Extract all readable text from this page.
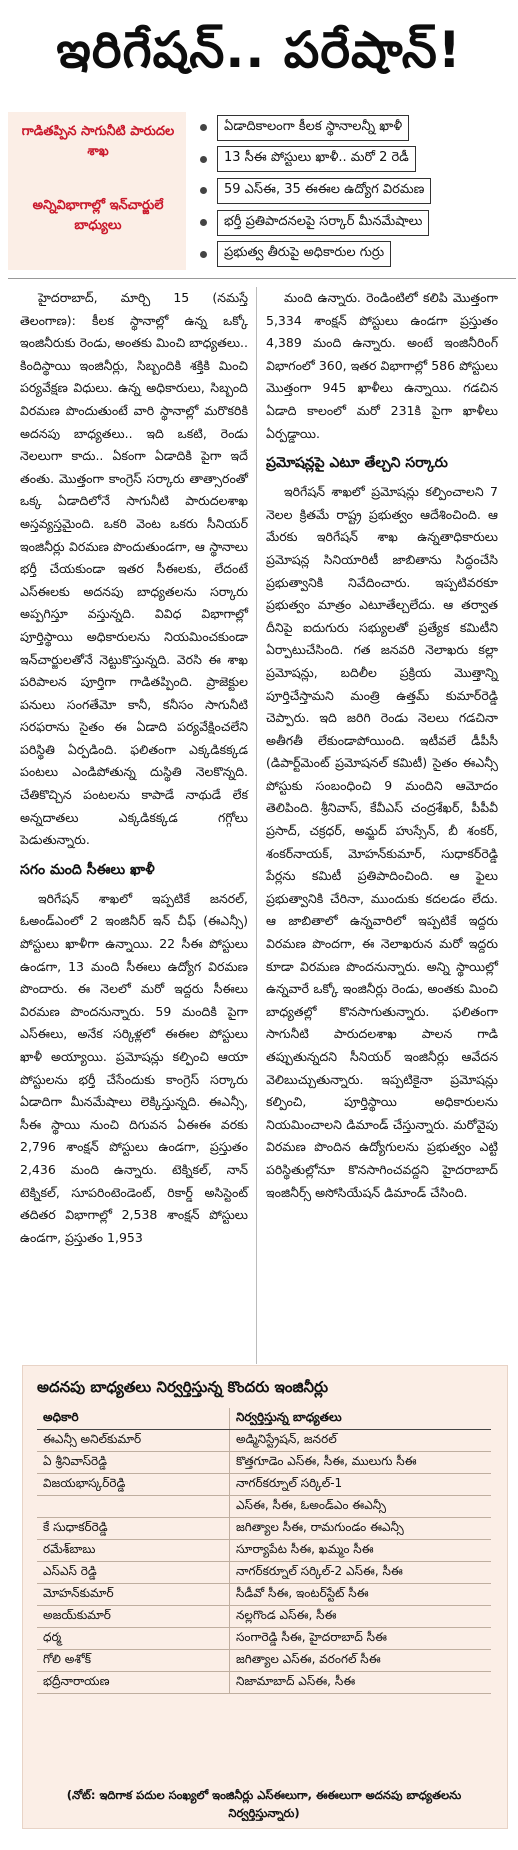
ఇరిగేషన్.. పరేషాన్!
గాడితప్పిన సాగునీటి పారుదల శాఖ
అన్నివిభాగాల్లో ఇన్‌చార్జులే బాధ్యులు
ఏడాదికాలంగా కీలక స్థానాలన్నీ ఖాళీ
13 సీఈ పోస్టులు ఖాళీ.. మరో 2 రెడీ
59 ఎస్‌ఈ, 35 ఈఈల ఉద్యోగ విరమణ
భర్తీ ప్రతిపాదనలపై సర్కార్ మీనమేషాలు
ప్రభుత్వ తీరుపై అధికారుల గుర్రు

హైదరాబాద్, మార్చి 15 (నమస్తే తెలంగాణ): కీలక స్థానాల్లో ఉన్న ఒక్కో ఇంజినీరుకు రెండు, అంతకు మించి బాధ్యతలు.. కిందిస్థాయి ఇంజినీర్లు, సిబ్బందికి శక్తికి మించి పర్యవేక్షణ విధులు. ఉన్న అధికారులు, సిబ్బంది విరమణ పొందుతుంటే వారి స్థానాల్లో మరొకరికి అదనపు బాధ్యతలు.. ఇది ఒకటి, రెండు నెలలుగా కాదు.. ఏకంగా ఏడాదికి పైగా ఇదే తంతు. మొత్తంగా కాంగ్రెస్ సర్కారు తాత్సారంతో ఒక్క ఏడాదిలోనే సాగునీటి పారుదలశాఖ అస్తవ్యస్తమైంది. ఒకరి వెంట ఒకరు సీనియర్ ఇంజినీర్లు విరమణ పొందుతుండగా, ఆ స్థానాలు భర్తీ చేయకుండా ఇతర సీఈలకు, లేదంటే ఎస్‌ఈలకు అదనపు బాధ్యతలను సర్కారు అప్పగిస్తూ వస్తున్నది. వివిధ విభాగాల్లో పూర్తిస్థాయి అధికారులను నియమించకుండా ఇన్‌చార్జులతోనే నెట్టుకొస్తున్నది. వెరసి ఈ శాఖ పరిపాలన పూర్తిగా గాడితప్పింది. ప్రాజెక్టుల పనులు సంగతేమో కానీ, కనీసం సాగునీటి సరఫరాను సైతం ఈ ఏడాది పర్యవేక్షించలేని పరిస్థితి ఏర్పడింది. ఫలితంగా ఎక్కడికక్కడ పంటలు ఎండిపోతున్న దుస్థితి నెలకొన్నది. చేతికొచ్చిన పంటలను కాపాడే నాథుడే లేక అన్నదాతలు ఎక్కడికక్కడ గగ్గోలు పెడుతున్నారు.

సగం మంది సీఈలు ఖాళీ

ఇరిగేషన్ శాఖలో ఇప్పటికే జనరల్, ఓఅండ్ఎంలో 2 ఇంజినీర్ ఇన్ చీఫ్ (ఈఎన్సీ) పోస్టులు ఖాళీగా ఉన్నాయి. 22 సీఈ పోస్టులు ఉండగా, 13 మంది సీఈలు ఉద్యోగ విరమణ పొందారు. ఈ నెలలో మరో ఇద్దరు సీఈలు విరమణ పొందనున్నారు. 59 మందికి పైగా ఎస్‌ఈలు, అనేక సర్కిళ్లలో ఈఈల పోస్టులు ఖాళీ అయ్యాయి. ప్రమోషన్లు కల్పించి ఆయా పోస్టులను భర్తీ చేసేందుకు కాంగ్రెస్ సర్కారు ఏడాదిగా మీనమేషాలు లెక్కిస్తున్నది. ఈఎన్సీ, సీఈ స్థాయి నుంచి దిగువన ఏఈఈ వరకు 2,796 శాంక్షన్ పోస్టులు ఉండగా, ప్రస్తుతం 2,436 మంది ఉన్నారు. టెక్నికల్, నాన్ టెక్నికల్, సూపరింటెండెంట్, రికార్డ్ అసిస్టెంట్ తదితర విభాగాల్లో 2,538 శాంక్షన్ పోస్టులు ఉండగా, ప్రస్తుతం 1,953

మంది ఉన్నారు. రెండింటిలో కలిపి మొత్తంగా 5,334 శాంక్షన్ పోస్టులు ఉండగా ప్రస్తుతం 4,389 మంది ఉన్నారు. అంటే ఇంజినీరింగ్ విభాగంలో 360, ఇతర విభాగాల్లో 586 పోస్టులు మొత్తంగా 945 ఖాళీలు ఉన్నాయి. గడచిన ఏడాది కాలంలో మరో 231కి పైగా ఖాళీలు ఏర్పడ్డాయి.

ప్రమోషన్లపై ఎటూ తేల్చని సర్కారు

ఇరిగేషన్ శాఖలో ప్రమోషన్లు కల్పించాలని 7 నెలల క్రితమే రాష్ట్ర ప్రభుత్వం ఆదేశించింది. ఆ మేరకు ఇరిగేషన్ శాఖ ఉన్నతాధికారులు ప్రమోషన్ల సినియారిటీ జాబితాను సిద్ధంచేసి ప్రభుత్వానికి నివేదించారు. ఇప్పటివరకూ ప్రభుత్వం మాత్రం ఎటూతేల్చలేదు. ఆ తర్వాత దీనిపై ఐదుగురు సభ్యులతో ప్రత్యేక కమిటీని ఏర్పాటుచేసింది. గత జనవరి నెలాఖరు కల్లా ప్రమోషన్లు, బదిలీల ప్రక్రియ మొత్తాన్ని పూర్తిచేస్తామని మంత్రి ఉత్తమ్ కుమార్‌రెడ్డి చెప్పారు. ఇది జరిగి రెండు నెలలు గడచినా అతీగతీ లేకుండాపోయింది. ఇటీవలే డీపీసీ (డిపార్ట్‌మెంట్ ప్రమోషనల్ కమిటీ) సైతం ఈఎన్సీ పోస్టుకు సంబంధించి 9 మందిని ఆమోదం తెలిపింది. శ్రీనివాస్, కేవీఎస్ చంద్రశేఖర్, పీపీవీ ప్రసాద్, చక్రధర్, అమ్జద్ హుస్సేన్, బీ శంకర్, శంకర్‌నాయక్, మోహన్‌కుమార్, సుధాకర్‌రెడ్డి పేర్లను కమిటీ ప్రతిపాదించింది. ఆ ఫైలు ప్రభుత్వానికి చేరినా, ముందుకు కదలడం లేదు. ఆ జాబితాలో ఉన్నవారిలో ఇప్పటికే ఇద్దరు విరమణ పొందగా, ఈ నెలాఖరున మరో ఇద్దరు కూడా విరమణ పొందనున్నారు. అన్ని స్థాయిల్లో ఉన్నవారే ఒక్కో ఇంజినీర్లు రెండు, అంతకు మించి బాధ్యతల్లో కొనసాగుతున్నారు. ఫలితంగా సాగునీటి పారుదలశాఖ పాలన గాడి తప్పుతున్నదని సీనియర్ ఇంజినీర్లు ఆవేదన వెలిబుచ్చుతున్నారు. ఇప్పటికైనా ప్రమోషన్లు కల్పించి, పూర్తిస్థాయి అధికారులను నియమించాలని డిమాండ్ చేస్తున్నారు. మరోవైపు విరమణ పొందిన ఉద్యోగులను ప్రభుత్వం ఎట్టి పరిస్థితుల్లోనూ కొనసాగించవద్దని హైదరాబాద్ ఇంజినీర్స్ అసోసియేషన్ డిమాండ్ చేసింది.

అదనపు బాధ్యతలు నిర్వర్తిస్తున్న కొందరు ఇంజినీర్లు
అధికారి	నిర్వర్తిస్తున్న బాధ్యతలు
ఈఎన్సీ అనిల్‌కుమార్	అడ్మినిస్ట్రేషన్, జనరల్
ఏ శ్రీనివాస్‌రెడ్డి	కొత్తగూడెం ఎస్‌ఈ, సీఈ, ములుగు సీఈ
విజయభాస్కర్‌రెడ్డి	నాగర్‌కర్నూల్ సర్కిల్-1
	ఎస్‌ఈ, సీఈ, ఓఅండ్ఎం ఈఎన్సీ
కే సుధాకర్‌రెడ్డి	జగిత్యాల సీఈ, రామగుండం ఈఎన్సీ
రమేశ్‌బాబు	సూర్యాపేట సీఈ, ఖమ్మం సీఈ
ఎస్ఎస్ రెడ్డి	నాగర్‌కర్నూల్ సర్కిల్-2 ఎస్‌ఈ, సీఈ
మోహన్‌కుమార్	సీడీవో సీఈ, ఇంటర్‌స్టేట్ సీఈ
అజయ్‌కుమార్	నల్లగొండ ఎస్‌ఈ, సీఈ
ధర్మ	సంగారెడ్డి సీఈ, హైదరాబాద్ సీఈ
గోలి అశోక్	జగిత్యాల ఎస్‌ఈ, వరంగల్ సీఈ
భద్రీనారాయణ	నిజామాబాద్ ఎస్‌ఈ, సీఈ
(నోట్: ఇదిగాక పదుల సంఖ్యలో ఇంజినీర్లు ఎస్‌ఈలుగా, ఈఈలుగా అదనపు బాధ్యతలను నిర్వర్తిస్తున్నారు)
